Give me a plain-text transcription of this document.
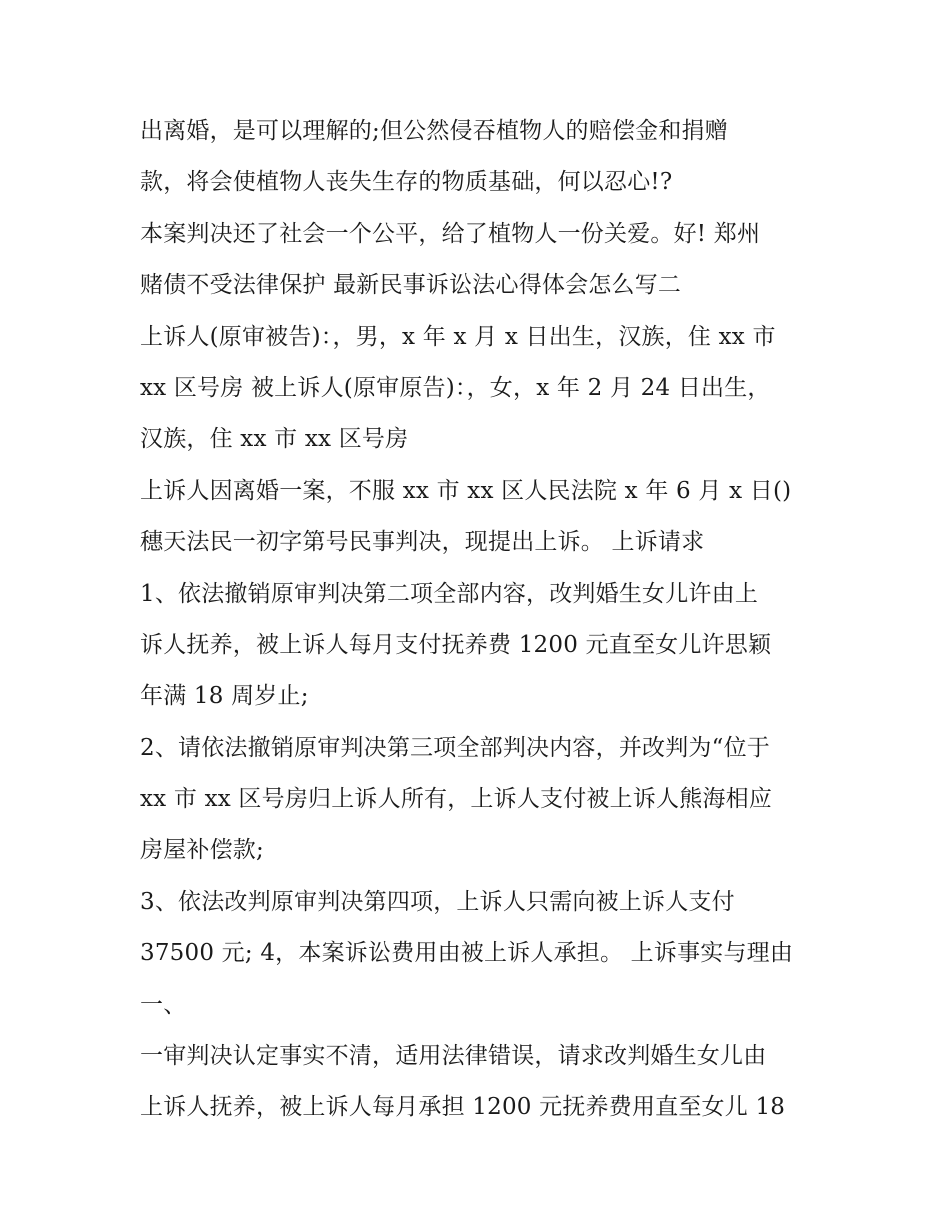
出离婚，是可以理解的;但公然侵吞植物人的赔偿金和捐赠
款，将会使植物人丧失生存的物质基础，何以忍心!?
本案判决还了社会一个公平，给了植物人一份关爱。好! 郑州
赌债不受法律保护 最新民事诉讼法心得体会怎么写二
上诉人(原审被告)：，男，x 年 x 月 x 日出生，汉族，住 xx 市
xx 区号房 被上诉人(原审原告)：，女，x 年 2 月 24 日出生，
汉族，住 xx 市 xx 区号房
上诉人因离婚一案，不服 xx 市 xx 区人民法院 x 年 6 月 x 日()
穗天法民一初字第号民事判决，现提出上诉。 上诉请求
1、依法撤销原审判决第二项全部内容，改判婚生女儿许由上
诉人抚养，被上诉人每月支付抚养费 1200 元直至女儿许思颖
年满 18 周岁止;
2、请依法撤销原审判决第三项全部判决内容，并改判为“位于
xx 市 xx 区号房归上诉人所有，上诉人支付被上诉人熊海相应
房屋补偿款;
3、依法改判原审判决第四项，上诉人只需向被上诉人支付
37500 元; 4，本案诉讼费用由被上诉人承担。 上诉事实与理由
一、
一审判决认定事实不清，适用法律错误，请求改判婚生女儿由
上诉人抚养，被上诉人每月承担 1200 元抚养费用直至女儿 18
